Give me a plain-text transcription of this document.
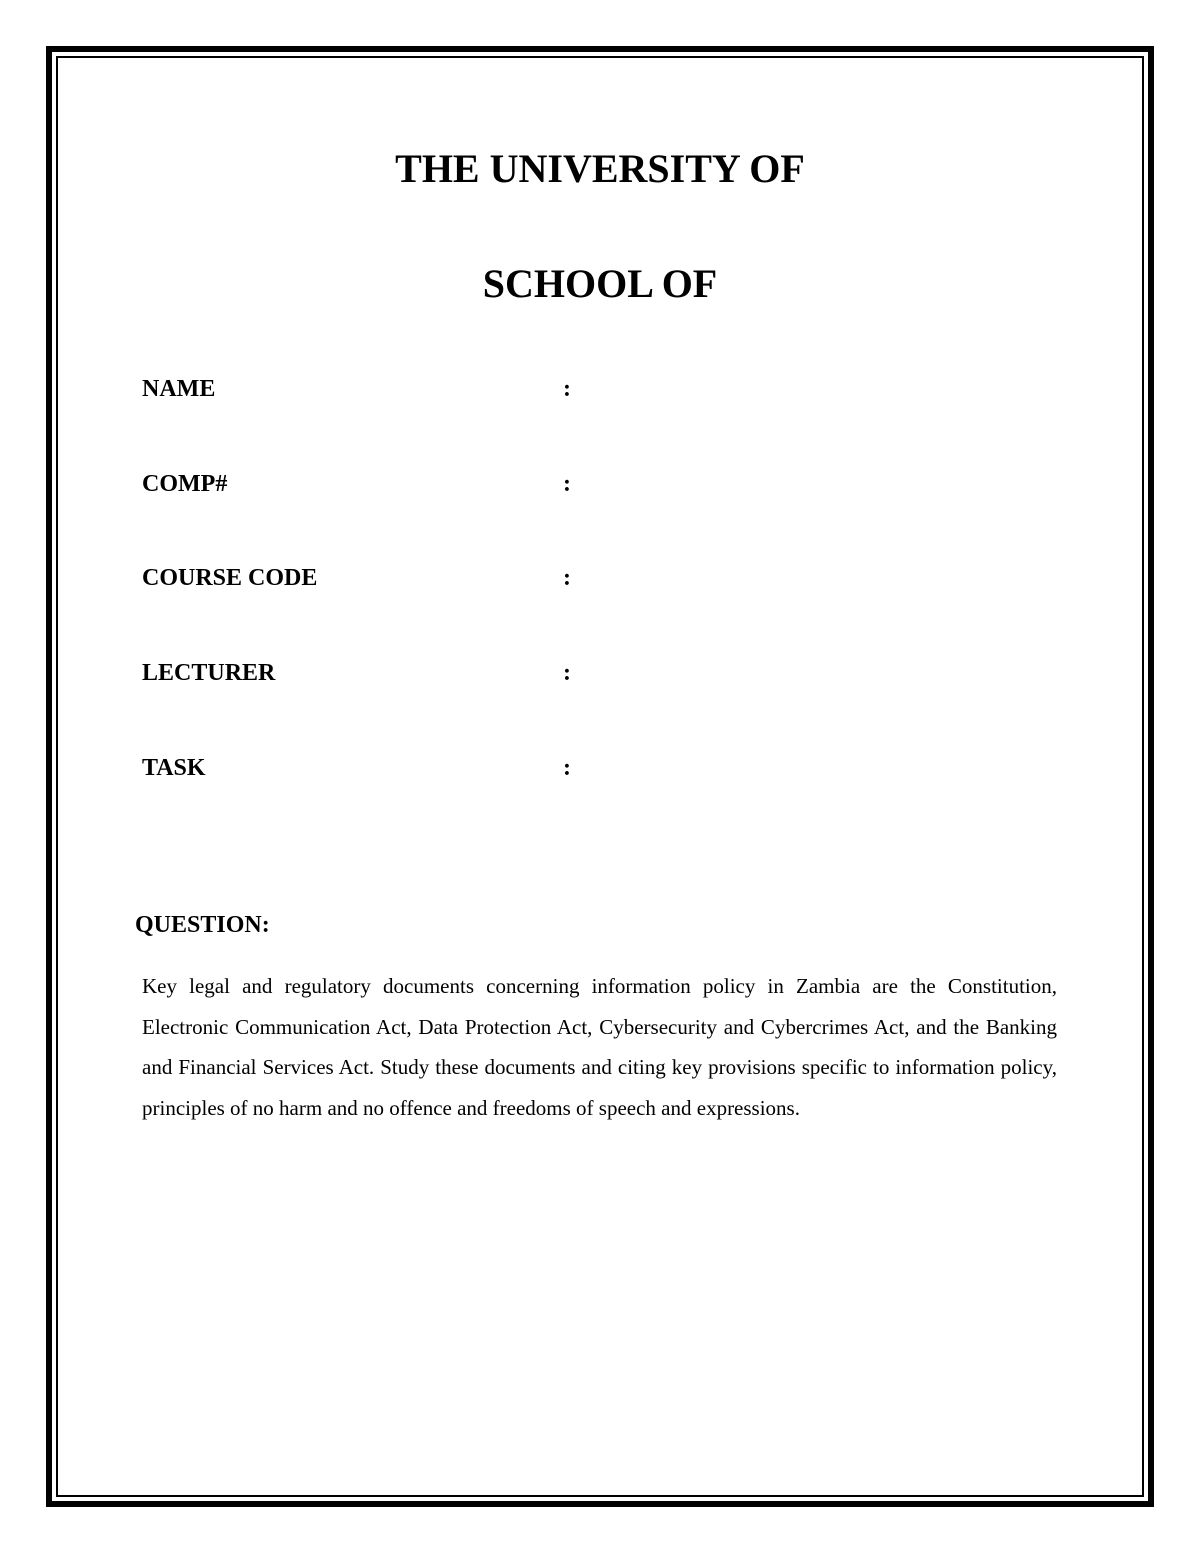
THE UNIVERSITY OF
SCHOOL OF
NAME	:
COMP#	:
COURSE CODE	:
LECTURER	:
TASK	:
QUESTION:

Key legal and regulatory documents concerning information policy in Zambia are the Constitution, Electronic Communication Act, Data Protection Act, Cybersecurity and Cybercrimes Act, and the Banking and Financial Services Act. Study these documents and citing key provisions specific to information policy, principles of no harm and no offence and freedoms of speech and expressions.
